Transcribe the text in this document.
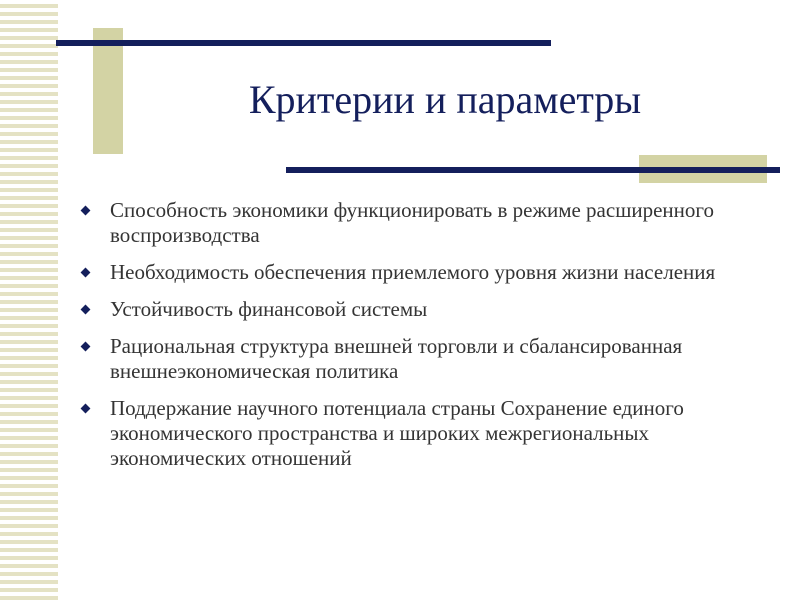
Критерии и параметры
Способность экономики функционировать в режиме расширенного воспроизводства
Необходимость обеспечения приемлемого уровня жизни населения
Устойчивость финансовой системы
Рациональная структура внешней торговли и сбалансированная внешнеэкономическая политика
Поддержание научного потенциала страны Сохранение единого экономического пространства и широких межрегиональных экономических отношений
